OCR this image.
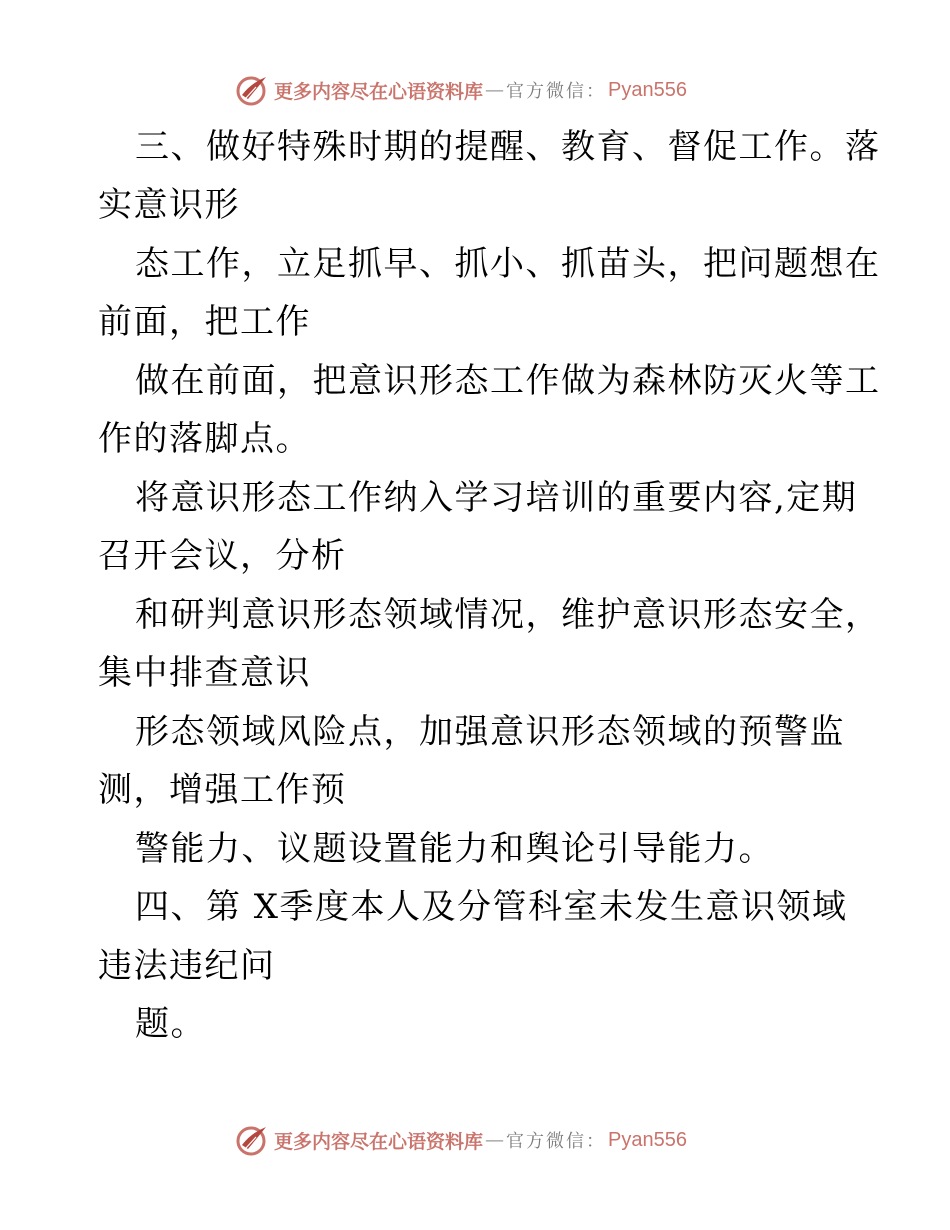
更多内容尽在心语资料库 — 官方微信： Pyan556
三、做好特殊时期的提醒、教育、督促工作。落
实意识形
态工作，立足抓早、抓小、抓苗头，把问题想在
前面，把工作
做在前面，把意识形态工作做为森林防灭火等工
作的落脚点。
将意识形态工作纳入学习培训的重要内容,定期
召开会议，分析
和研判意识形态领域情况，维护意识形态安全，
集中排查意识
形态领域风险点，加强意识形态领域的预警监
测，增强工作预
警能力、议题设置能力和舆论引导能力。
四、第 X季度本人及分管科室未发生意识领域
违法违纪问
题。
更多内容尽在心语资料库 — 官方微信： Pyan556
